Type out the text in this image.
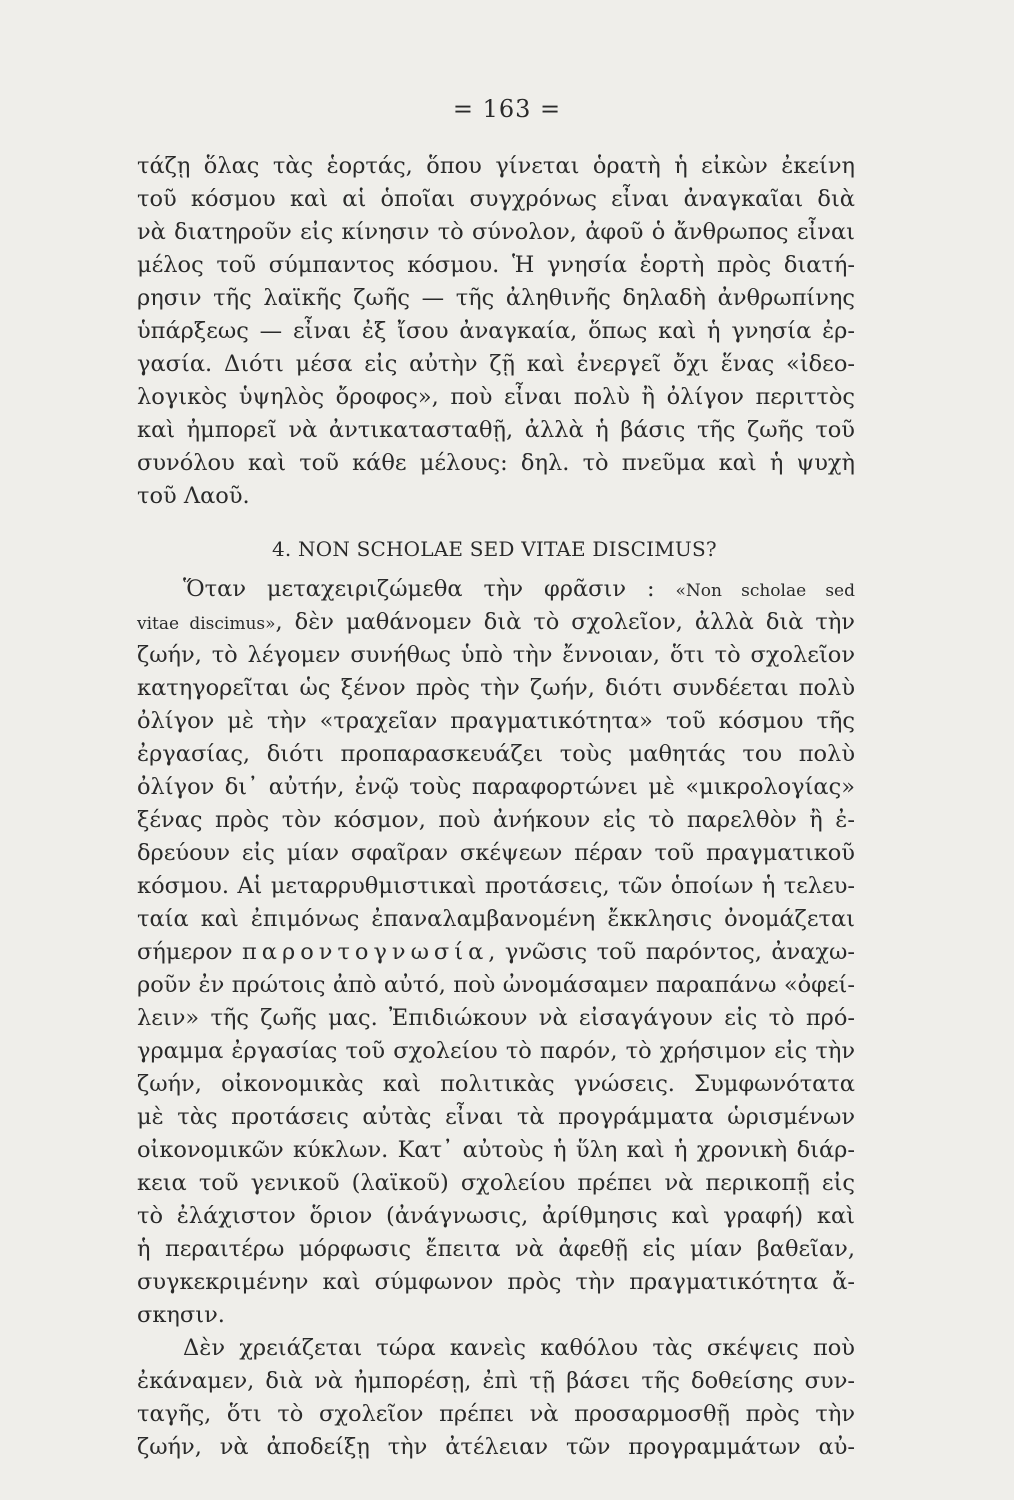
= 163 =
τάζῃ ὅλας τὰς ἑορτάς, ὅπου γίνεται ὁρατὴ ἡ εἰκὼν ἐκείνη
τοῦ κόσμου καὶ αἱ ὁποῖαι συγχρόνως εἶναι ἀναγκαῖαι διὰ
νὰ διατηροῦν εἰς κίνησιν τὸ σύνολον, ἀφοῦ ὁ ἄνθρωπος εἶναι
μέλος τοῦ σύμπαντος κόσμου. Ἡ γνησία ἑορτὴ πρὸς διατή-
ρησιν τῆς λαϊκῆς ζωῆς — τῆς ἀληθινῆς δηλαδὴ ἀνθρωπίνης
ὑπάρξεως — εἶναι ἐξ ἴσου ἀναγκαία, ὅπως καὶ ἡ γνησία ἐρ-
γασία. Διότι μέσα εἰς αὐτὴν ζῇ καὶ ἐνεργεῖ ὄχι ἕνας «ἰδεο-
λογικὸς ὑψηλὸς ὄροφος», ποὺ εἶναι πολὺ ἢ ὀλίγον περιττὸς
καὶ ἠμπορεῖ νὰ ἀντικατασταθῇ, ἀλλὰ ἡ βάσις τῆς ζωῆς τοῦ
συνόλου καὶ τοῦ κάθε μέλους: δηλ. τὸ πνεῦμα καὶ ἡ ψυχὴ
τοῦ Λαοῦ.
4. NON SCHOLAE SED VITAE DISCIMUS?
Ὅταν μεταχειριζώμεθα τὴν φρᾶσιν : «Non scholae sed
vitae discimus», δὲν μαθάνομεν διὰ τὸ σχολεῖον, ἀλλὰ διὰ τὴν
ζωήν, τὸ λέγομεν συνήθως ὑπὸ τὴν ἔννοιαν, ὅτι τὸ σχολεῖον
κατηγορεῖται ὡς ξένον πρὸς τὴν ζωήν, διότι συνδέεται πολὺ
ὀλίγον μὲ τὴν «τραχεῖαν πραγματικότητα» τοῦ κόσμου τῆς
ἐργασίας, διότι προπαρασκευάζει τοὺς μαθητάς του πολὺ
ὀλίγον δι᾽ αὐτήν, ἐνῷ τοὺς παραφορτώνει μὲ «μικρολογίας»
ξένας πρὸς τὸν κόσμον, ποὺ ἀνήκουν εἰς τὸ παρελθὸν ἢ ἐ-
δρεύουν εἰς μίαν σφαῖραν σκέψεων πέραν τοῦ πραγματικοῦ
κόσμου. Αἱ μεταρρυθμιστικαὶ προτάσεις, τῶν ὁποίων ἡ τελευ-
ταία καὶ ἐπιμόνως ἐπαναλαμβανομένη ἔκκλησις ὀνομάζεται
σήμερον παροντογνωσία, γνῶσις τοῦ παρόντος, ἀναχω-
ροῦν ἐν πρώτοις ἀπὸ αὐτό, ποὺ ὠνομάσαμεν παραπάνω «ὀφεί-
λειν» τῆς ζωῆς μας. Ἐπιδιώκουν νὰ εἰσαγάγουν εἰς τὸ πρό-
γραμμα ἐργασίας τοῦ σχολείου τὸ παρόν, τὸ χρήσιμον εἰς τὴν
ζωήν, οἰκονομικὰς καὶ πολιτικὰς γνώσεις. Συμφωνότατα
μὲ τὰς προτάσεις αὐτὰς εἶναι τὰ προγράμματα ὡρισμένων
οἰκονομικῶν κύκλων. Κατ᾽ αὐτοὺς ἡ ὕλη καὶ ἡ χρονικὴ διάρ-
κεια τοῦ γενικοῦ (λαϊκοῦ) σχολείου πρέπει νὰ περικοπῇ εἰς
τὸ ἐλάχιστον ὅριον (ἀνάγνωσις, ἀρίθμησις καὶ γραφή) καὶ
ἡ περαιτέρω μόρφωσις ἔπειτα νὰ ἀφεθῇ εἰς μίαν βαθεῖαν,
συγκεκριμένην καὶ σύμφωνον πρὸς τὴν πραγματικότητα ἄ-
σκησιν.
Δὲν χρειάζεται τώρα κανεὶς καθόλου τὰς σκέψεις ποὺ
ἐκάναμεν, διὰ νὰ ἠμπορέσῃ, ἐπὶ τῇ βάσει τῆς δοθείσης συν-
ταγῆς, ὅτι τὸ σχολεῖον πρέπει νὰ προσαρμοσθῇ πρὸς τὴν
ζωήν, νὰ ἀποδείξῃ τὴν ἀτέλειαν τῶν προγραμμάτων αὐ-
